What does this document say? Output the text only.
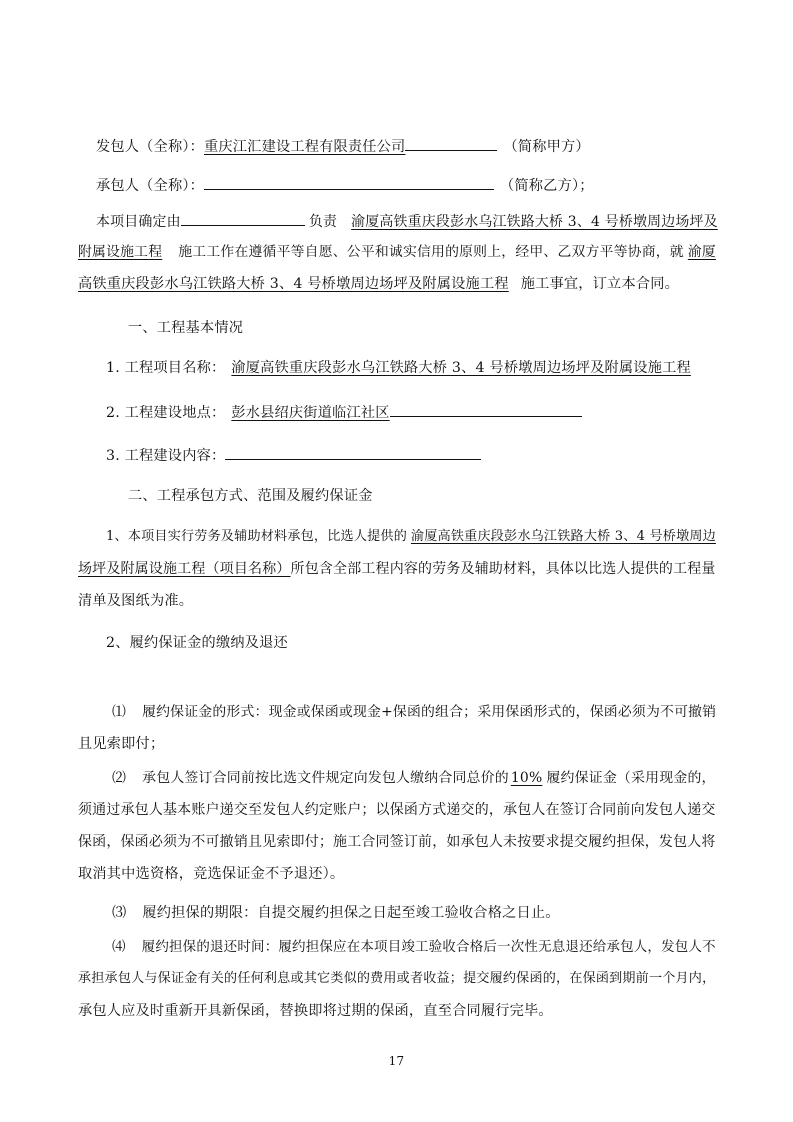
发包人（全称）：重庆江汇建设工程有限责任公司	（简称甲方）
承包人（全称）：	（简称乙方）；
本项目确定由	负责 渝厦高铁重庆段彭水乌江铁路大桥 3、4 号桥墩周边场坪及
附属设施工程 施工工作在遵循平等自愿、公平和诚实信用的原则上，经甲、乙双方平等协商，就 渝厦
高铁重庆段彭水乌江铁路大桥 3、4 号桥墩周边场坪及附属设施工程 施工事宜，订立本合同。
一、工程基本情况
1. 工程项目名称： 渝厦高铁重庆段彭水乌江铁路大桥 3、4 号桥墩周边场坪及附属设施工程
2. 工程建设地点： 彭水县绍庆街道临江社区
3. 工程建设内容：
二、工程承包方式、范围及履约保证金
1、本项目实行劳务及辅助材料承包，比选人提供的 渝厦高铁重庆段彭水乌江铁路大桥 3、4 号桥墩周边
场坪及附属设施工程（项目名称）所包含全部工程内容的劳务及辅助材料，具体以比选人提供的工程量
清单及图纸为准。
2、履约保证金的缴纳及退还
⑴ 履约保证金的形式：现金或保函或现金+保函的组合；采用保函形式的，保函必须为不可撤销
且见索即付；
⑵ 承包人签订合同前按比选文件规定向发包人缴纳合同总价的 10% 履约保证金（采用现金的，
须通过承包人基本账户递交至发包人约定账户；以保函方式递交的，承包人在签订合同前向发包人递交
保函，保函必须为不可撤销且见索即付；施工合同签订前，如承包人未按要求提交履约担保，发包人将
取消其中选资格，竞选保证金不予退还）。
⑶ 履约担保的期限：自提交履约担保之日起至竣工验收合格之日止。
⑷ 履约担保的退还时间：履约担保应在本项目竣工验收合格后一次性无息退还给承包人，发包人不
承担承包人与保证金有关的任何利息或其它类似的费用或者收益；提交履约保函的，在保函到期前一个月内，
承包人应及时重新开具新保函，替换即将过期的保函，直至合同履行完毕。
17
